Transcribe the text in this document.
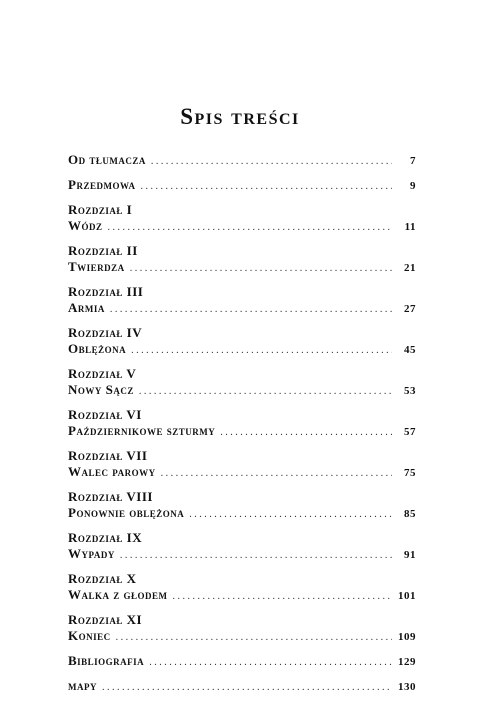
Spis treści
Od tłumacza . . .	7
Przedmowa . . .	9
Rozdział I
Wódz . . .	11
Rozdział II
Twierdza . . .	21
Rozdział III
Armia . . .	27
Rozdział IV
Oblężona . . .	45
Rozdział V
Nowy Sącz . . .	53
Rozdział VI
Październikowe szturmy . . .	57
Rozdział VII
Walec parowy . . .	75
Rozdział VIII
Ponownie oblężona . . .	85
Rozdział IX
Wypady . . .	91
Rozdział X
Walka z głodem . . .	101
Rozdział XI
Koniec . . .	109
Bibliografia . . .	129
mapy . . .	130
